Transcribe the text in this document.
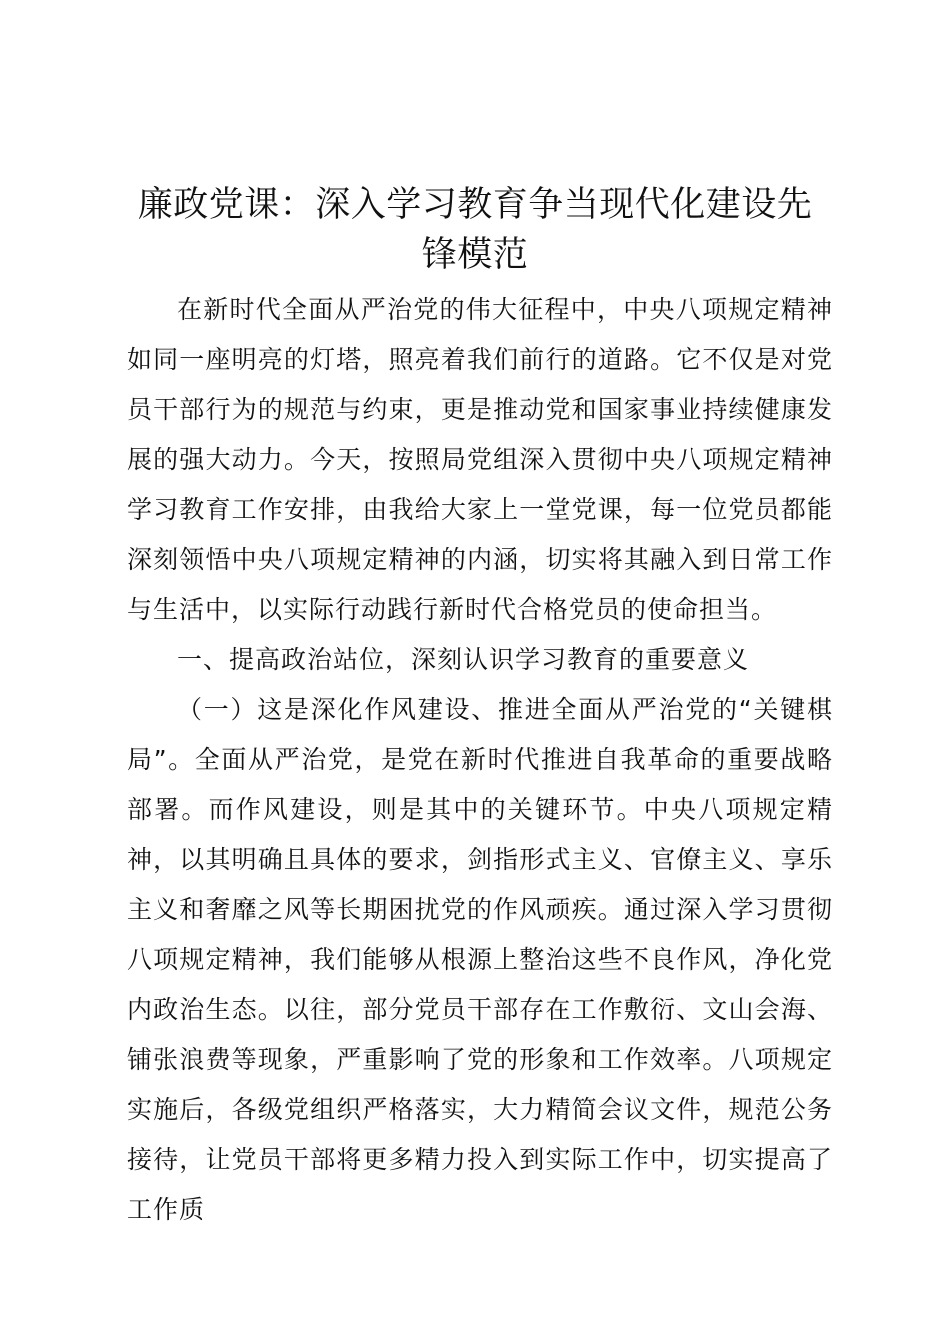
廉政党课：深入学习教育争当现代化建设先锋模范

在新时代全面从严治党的伟大征程中，中央八项规定精神如同一座明亮的灯塔，照亮着我们前行的道路。它不仅是对党员干部行为的规范与约束，更是推动党和国家事业持续健康发展的强大动力。今天，按照局党组深入贯彻中央八项规定精神学习教育工作安排，由我给大家上一堂党课，每一位党员都能深刻领悟中央八项规定精神的内涵，切实将其融入到日常工作与生活中，以实际行动践行新时代合格党员的使命担当。

一、提高政治站位，深刻认识学习教育的重要意义

（一）这是深化作风建设、推进全面从严治党的“关键棋局”。全面从严治党，是党在新时代推进自我革命的重要战略部署。而作风建设，则是其中的关键环节。中央八项规定精神，以其明确且具体的要求，剑指形式主义、官僚主义、享乐主义和奢靡之风等长期困扰党的作风顽疾。通过深入学习贯彻八项规定精神，我们能够从根源上整治这些不良作风，净化党内政治生态。以往，部分党员干部存在工作敷衍、文山会海、铺张浪费等现象，严重影响了党的形象和工作效率。八项规定实施后，各级党组织严格落实，大力精简会议文件，规范公务接待，让党员干部将更多精力投入到实际工作中，切实提高了工作质
